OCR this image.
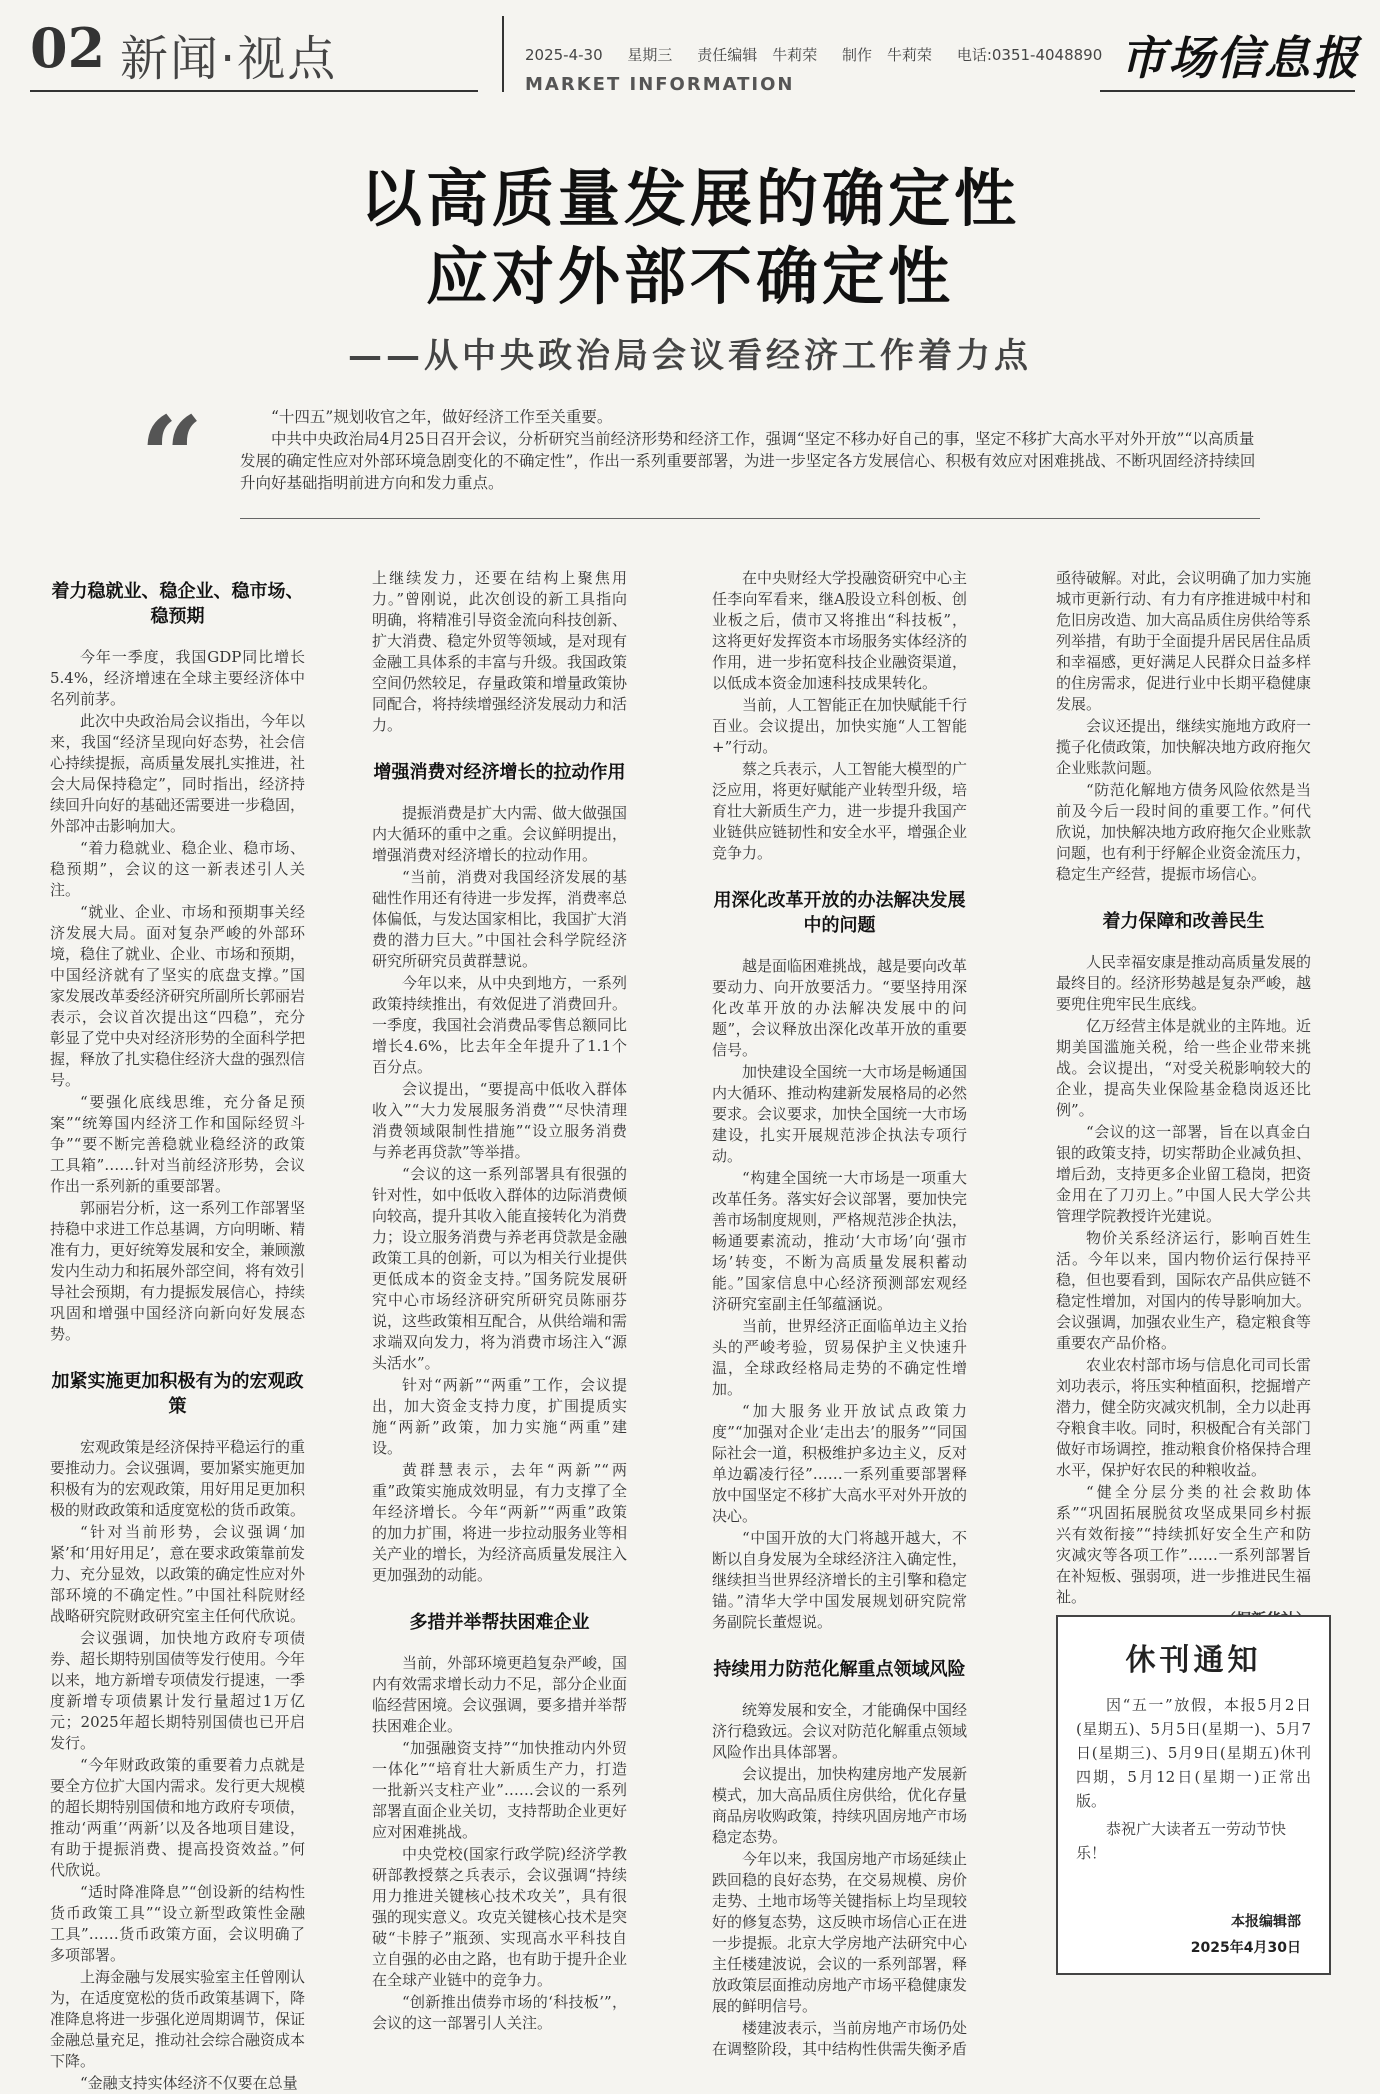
02 新闻·视点	2025-4-30 星期三 责任编辑　牛莉荣 制作　牛莉荣 电话:0351-4048890
MARKET INFORMATION	市场信息报
以高质量发展的确定性
应对外部不确定性
——从中央政治局会议看经济工作着力点
“	“十四五”规划收官之年，做好经济工作至关重要。

中共中央政治局4月25日召开会议，分析研究当前经济形势和经济工作，强调“坚定不移办好自己的事，坚定不移扩大高水平对外开放”“以高质量发展的确定性应对外部环境急剧变化的不确定性”，作出一系列重要部署，为进一步坚定各方发展信心、积极有效应对困难挑战、不断巩固经济持续回升向好基础指明前进方向和发力重点。

着力稳就业、稳企业、稳市场、稳预期

今年一季度，我国GDP同比增长5.4%，经济增速在全球主要经济体中名列前茅。

此次中央政治局会议指出，今年以来，我国“经济呈现向好态势，社会信心持续提振，高质量发展扎实推进，社会大局保持稳定”，同时指出，经济持续回升向好的基础还需要进一步稳固，外部冲击影响加大。

“着力稳就业、稳企业、稳市场、稳预期”，会议的这一新表述引人关注。

“就业、企业、市场和预期事关经济发展大局。面对复杂严峻的外部环境，稳住了就业、企业、市场和预期，中国经济就有了坚实的底盘支撑。”国家发展改革委经济研究所副所长郭丽岩表示，会议首次提出这“四稳”，充分彰显了党中央对经济形势的全面科学把握，释放了扎实稳住经济大盘的强烈信号。

“要强化底线思维，充分备足预案”“统筹国内经济工作和国际经贸斗争”“要不断完善稳就业稳经济的政策工具箱”……针对当前经济形势，会议作出一系列新的重要部署。

郭丽岩分析，这一系列工作部署坚持稳中求进工作总基调，方向明晰、精准有力，更好统筹发展和安全，兼顾激发内生动力和拓展外部空间，将有效引导社会预期，有力提振发展信心，持续巩固和增强中国经济向新向好发展态势。

加紧实施更加积极有为的宏观政策

宏观政策是经济保持平稳运行的重要推动力。会议强调，要加紧实施更加积极有为的宏观政策，用好用足更加积极的财政政策和适度宽松的货币政策。

“针对当前形势，会议强调‘加紧’和‘用好用足’，意在要求政策靠前发力、充分显效，以政策的确定性应对外部环境的不确定性。”中国社科院财经战略研究院财政研究室主任何代欣说。

会议强调，加快地方政府专项债券、超长期特别国债等发行使用。今年以来，地方新增专项债发行提速，一季度新增专项债累计发行量超过1万亿元；2025年超长期特别国债也已开启发行。

“今年财政政策的重要着力点就是要全方位扩大国内需求。发行更大规模的超长期特别国债和地方政府专项债，推动‘两重’‘两新’以及各地项目建设，有助于提振消费、提高投资效益。”何代欣说。

“适时降准降息”“创设新的结构性货币政策工具”“设立新型政策性金融工具”……货币政策方面，会议明确了多项部署。

上海金融与发展实验室主任曾刚认为，在适度宽松的货币政策基调下，降准降息将进一步强化逆周期调节，保证金融总量充足，推动社会综合融资成本下降。

“金融支持实体经济不仅要在总量

上继续发力，还要在结构上聚焦用力。”曾刚说，此次创设的新工具指向明确，将精准引导资金流向科技创新、扩大消费、稳定外贸等领域，是对现有金融工具体系的丰富与升级。我国政策空间仍然较足，存量政策和增量政策协同配合，将持续增强经济发展动力和活力。

增强消费对经济增长的拉动作用

提振消费是扩大内需、做大做强国内大循环的重中之重。会议鲜明提出，增强消费对经济增长的拉动作用。

“当前，消费对我国经济发展的基础性作用还有待进一步发挥，消费率总体偏低，与发达国家相比，我国扩大消费的潜力巨大。”中国社会科学院经济研究所研究员黄群慧说。

今年以来，从中央到地方，一系列政策持续推出，有效促进了消费回升。一季度，我国社会消费品零售总额同比增长4.6%，比去年全年提升了1.1个百分点。

会议提出，“要提高中低收入群体收入”“大力发展服务消费”“尽快清理消费领域限制性措施”“设立服务消费与养老再贷款”等举措。

“会议的这一系列部署具有很强的针对性，如中低收入群体的边际消费倾向较高，提升其收入能直接转化为消费力；设立服务消费与养老再贷款是金融政策工具的创新，可以为相关行业提供更低成本的资金支持。”国务院发展研究中心市场经济研究所研究员陈丽芬说，这些政策相互配合，从供给端和需求端双向发力，将为消费市场注入“源头活水”。

针对“两新”“两重”工作，会议提出，加大资金支持力度，扩围提质实施“两新”政策，加力实施“两重”建设。

黄群慧表示，去年“两新”“两重”政策实施成效明显，有力支撑了全年经济增长。今年“两新”“两重”政策的加力扩围，将进一步拉动服务业等相关产业的增长，为经济高质量发展注入更加强劲的动能。

多措并举帮扶困难企业

当前，外部环境更趋复杂严峻，国内有效需求增长动力不足，部分企业面临经营困境。会议强调，要多措并举帮扶困难企业。

“加强融资支持”“加快推动内外贸一体化”“培育壮大新质生产力，打造一批新兴支柱产业”……会议的一系列部署直面企业关切，支持帮助企业更好应对困难挑战。

中央党校(国家行政学院)经济学教研部教授蔡之兵表示，会议强调“持续用力推进关键核心技术攻关”，具有很强的现实意义。攻克关键核心技术是突破“卡脖子”瓶颈、实现高水平科技自立自强的必由之路，也有助于提升企业在全球产业链中的竞争力。

“创新推出债券市场的‘科技板’”，会议的这一部署引人关注。

在中央财经大学投融资研究中心主任李向军看来，继A股设立科创板、创业板之后，债市又将推出“科技板”，这将更好发挥资本市场服务实体经济的作用，进一步拓宽科技企业融资渠道，以低成本资金加速科技成果转化。

当前，人工智能正在加快赋能千行百业。会议提出，加快实施“人工智能+”行动。

蔡之兵表示，人工智能大模型的广泛应用，将更好赋能产业转型升级，培育壮大新质生产力，进一步提升我国产业链供应链韧性和安全水平，增强企业竞争力。

用深化改革开放的办法解决发展中的问题

越是面临困难挑战，越是要向改革要动力、向开放要活力。“要坚持用深化改革开放的办法解决发展中的问题”，会议释放出深化改革开放的重要信号。

加快建设全国统一大市场是畅通国内大循环、推动构建新发展格局的必然要求。会议要求，加快全国统一大市场建设，扎实开展规范涉企执法专项行动。

“构建全国统一大市场是一项重大改革任务。落实好会议部署，要加快完善市场制度规则，严格规范涉企执法，畅通要素流动，推动‘大市场’向‘强市场’转变，不断为高质量发展积蓄动能。”国家信息中心经济预测部宏观经济研究室副主任邹蕴涵说。

当前，世界经济正面临单边主义抬头的严峻考验，贸易保护主义快速升温，全球政经格局走势的不确定性增加。

“加大服务业开放试点政策力度”“加强对企业‘走出去’的服务”“同国际社会一道，积极维护多边主义，反对单边霸凌行径”……一系列重要部署释放中国坚定不移扩大高水平对外开放的决心。

“中国开放的大门将越开越大，不断以自身发展为全球经济注入确定性，继续担当世界经济增长的主引擎和稳定锚。”清华大学中国发展规划研究院常务副院长董煜说。

持续用力防范化解重点领域风险

统筹发展和安全，才能确保中国经济行稳致远。会议对防范化解重点领域风险作出具体部署。

会议提出，加快构建房地产发展新模式，加大高品质住房供给，优化存量商品房收购政策，持续巩固房地产市场稳定态势。

今年以来，我国房地产市场延续止跌回稳的良好态势，在交易规模、房价走势、土地市场等关键指标上均呈现较好的修复态势，这反映市场信心正在进一步提振。北京大学房地产法研究中心主任楼建波说，会议的一系列部署，释放政策层面推动房地产市场平稳健康发展的鲜明信号。

楼建波表示，当前房地产市场仍处在调整阶段，其中结构性供需失衡矛盾

亟待破解。对此，会议明确了加力实施城市更新行动、有力有序推进城中村和危旧房改造、加大高品质住房供给等系列举措，有助于全面提升居民居住品质和幸福感，更好满足人民群众日益多样的住房需求，促进行业中长期平稳健康发展。

会议还提出，继续实施地方政府一揽子化债政策，加快解决地方政府拖欠企业账款问题。

“防范化解地方债务风险依然是当前及今后一段时间的重要工作。”何代欣说，加快解决地方政府拖欠企业账款问题，也有利于纾解企业资金流压力，稳定生产经营，提振市场信心。

着力保障和改善民生

人民幸福安康是推动高质量发展的最终目的。经济形势越是复杂严峻，越要兜住兜牢民生底线。

亿万经营主体是就业的主阵地。近期美国滥施关税，给一些企业带来挑战。会议提出，“对受关税影响较大的企业，提高失业保险基金稳岗返还比例”。

“会议的这一部署，旨在以真金白银的政策支持，切实帮助企业减负担、增后劲，支持更多企业留工稳岗，把资金用在了刀刃上。”中国人民大学公共管理学院教授许光建说。

物价关系经济运行，影响百姓生活。今年以来，国内物价运行保持平稳，但也要看到，国际农产品供应链不稳定性增加，对国内的传导影响加大。会议强调，加强农业生产，稳定粮食等重要农产品价格。

农业农村部市场与信息化司司长雷刘功表示，将压实种植面积，挖掘增产潜力，健全防灾减灾机制，全力以赴再夺粮食丰收。同时，积极配合有关部门做好市场调控，推动粮食价格保持合理水平，保护好农民的种粮收益。

“健全分层分类的社会救助体系”“巩固拓展脱贫攻坚成果同乡村振兴有效衔接”“持续抓好安全生产和防灾减灾等各项工作”……一系列部署旨在补短板、强弱项，进一步推进民生福祉。

休刊通知
因“五一”放假，本报5月2日(星期五)、5月5日(星期一)、5月7日(星期三)、5月9日(星期五)休刊四期，5月12日(星期一)正常出版。
恭祝广大读者五一劳动节快乐！
本报编辑部
2025年4月30日
